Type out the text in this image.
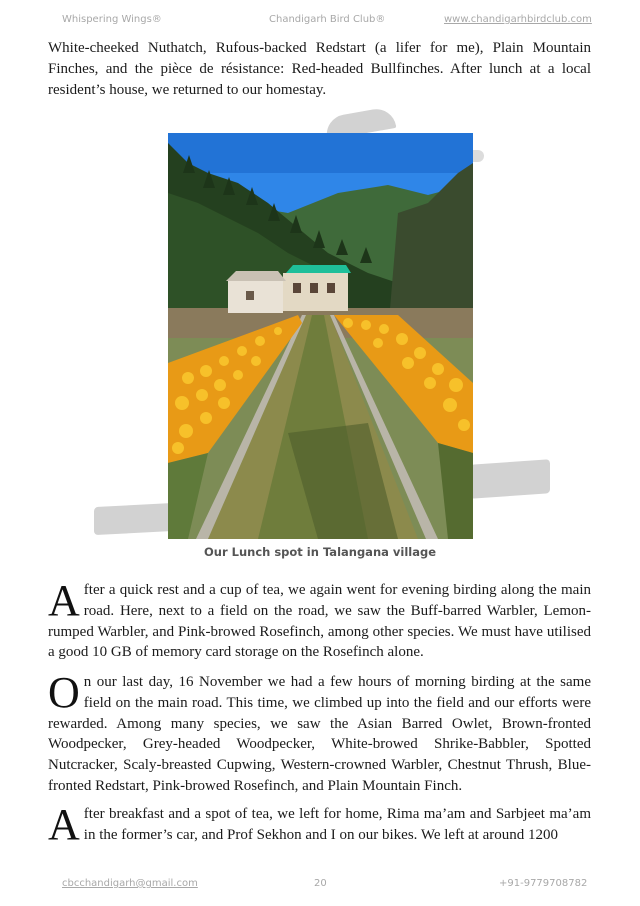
Whispering Wings®	Chandigarh Bird Club®	www.chandigarhbirdclub.com

White-cheeked Nuthatch, Rufous-backed Redstart (a lifer for me), Plain Mountain Finches, and the pièce de résistance: Red-headed Bullfinches. After lunch at a local resident’s house, we returned to our homestay.

Our Lunch spot in Talangana village

After a quick rest and a cup of tea, we again went for evening birding along the main road. Here, next to a field on the road, we saw the Buff-barred Warbler, Lemon-rumped Warbler, and Pink-browed Rosefinch, among other species. We must have utilised a good 10 GB of memory card storage on the Rosefinch alone.

On our last day, 16 November we had a few hours of morning birding at the same field on the main road. This time, we climbed up into the field and our efforts were rewarded. Among many species, we saw the Asian Barred Owlet, Brown-fronted Woodpecker, Grey-headed Woodpecker, White-browed Shrike-Babbler, Spotted Nutcracker, Scaly-breasted Cupwing, Western-crowned Warbler, Chestnut Thrush, Blue-fronted Redstart, Pink-browed Rosefinch, and Plain Mountain Finch.

After breakfast and a spot of tea, we left for home, Rima ma’am and Sarbjeet ma’am in the former’s car, and Prof Sekhon and I on our bikes. We left at around 1200

cbcchandigarh@gmail.com	20	+91-9779708782
